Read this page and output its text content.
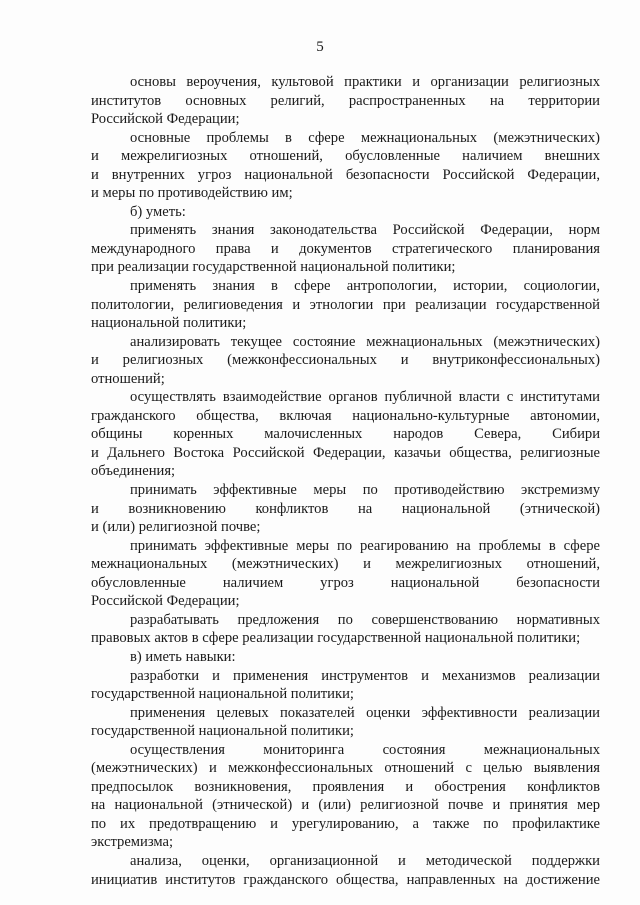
5
основы вероучения, культовой практики и организации религиозных
институтов основных религий, распространенных на территории
Российской Федерации;
основные проблемы в сфере межнациональных (межэтнических)
и межрелигиозных отношений, обусловленные наличием внешних
и внутренних угроз национальной безопасности Российской Федерации,
и меры по противодействию им;
б) уметь:
применять знания законодательства Российской Федерации, норм
международного права и документов стратегического планирования
при реализации государственной национальной политики;
применять знания в сфере антропологии, истории, социологии,
политологии, религиоведения и этнологии при реализации государственной
национальной политики;
анализировать текущее состояние межнациональных (межэтнических)
и религиозных (межконфессиональных и внутриконфессиональных)
отношений;
осуществлять взаимодействие органов публичной власти с институтами
гражданского общества, включая национально-культурные автономии,
общины коренных малочисленных народов Севера, Сибири
и Дальнего Востока Российской Федерации, казачьи общества, религиозные
объединения;
принимать эффективные меры по противодействию экстремизму
и возникновению конфликтов на национальной (этнической)
и (или) религиозной почве;
принимать эффективные меры по реагированию на проблемы в сфере
межнациональных (межэтнических) и межрелигиозных отношений,
обусловленные наличием угроз национальной безопасности
Российской Федерации;
разрабатывать предложения по совершенствованию нормативных
правовых актов в сфере реализации государственной национальной политики;
в) иметь навыки:
разработки и применения инструментов и механизмов реализации
государственной национальной политики;
применения целевых показателей оценки эффективности реализации
государственной национальной политики;
осуществления мониторинга состояния межнациональных
(межэтнических) и межконфессиональных отношений с целью выявления
предпосылок возникновения, проявления и обострения конфликтов
на национальной (этнической) и (или) религиозной почве и принятия мер
по их предотвращению и урегулированию, а также по профилактике
экстремизма;
анализа, оценки, организационной и методической поддержки
инициатив институтов гражданского общества, направленных на достижение
